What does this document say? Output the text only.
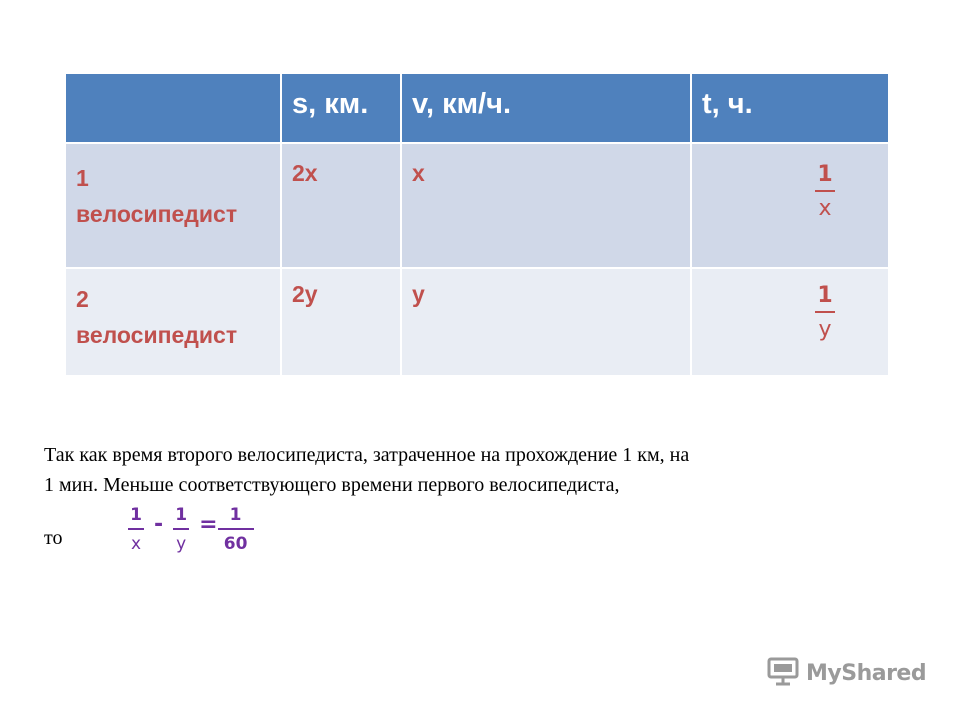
	s, км.	v, км/ч.	t, ч.

1
велосипедист	2x	x	$\frac{1}{x}$

2
велосипедист	2y	y	$\frac{1}{y}$
Так как время второго велосипедиста, затраченное на прохождение 1 км, на
1 мин. Меньше соответствующего времени первого велосипедиста,
то
1
x
- 1
y
= 1
60
MyShared
